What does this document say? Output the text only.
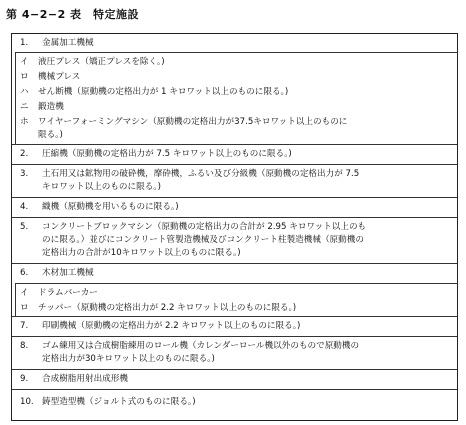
第 4−2−2 表　特定施設
1. 金属加工機械
イ 液圧プレス（矯正プレスを除く。)
ロ 機械プレス
ハ せん断機（原動機の定格出力が 1 キロワット以上のものに限る。)
ニ 鍛造機
ホ ワイヤーフォーミングマシン（原動機の定格出力が37.5キロワット以上のものに
限る。)
2. 圧縮機（原動機の定格出力が 7.5 キロワット以上のものに限る。)
3. 土石用又は鉱物用の破砕機，摩砕機，ふるい及び分級機（原動機の定格出力が 7.5
キロワット以上のものに限る。)
4. 織機（原動機を用いるものに限る。)
5. コンクリートブロックマシン（原動機の定格出力の合計が 2.95 キロワット以上のも
のに限る。）並びにコンクリート管製造機械及びコンクリート柱製造機械（原動機の
定格出力の合計が10キロワット以上のものに限る。)
6. 木材加工機械
イ ドラムバーカー
ロ チッパー（原動機の定格出力が 2.2 キロワット以上のものに限る。)
7. 印刷機械（原動機の定格出力が 2.2 キロワット以上のものに限る。)
8. ゴム練用又は合成樹脂練用のロール機（カレンダーロール機以外のもので原動機の
定格出力が30キロワット以上のものに限る。)
9. 合成樹脂用射出成形機
10. 鋳型造型機（ジョルト式のものに限る。)
